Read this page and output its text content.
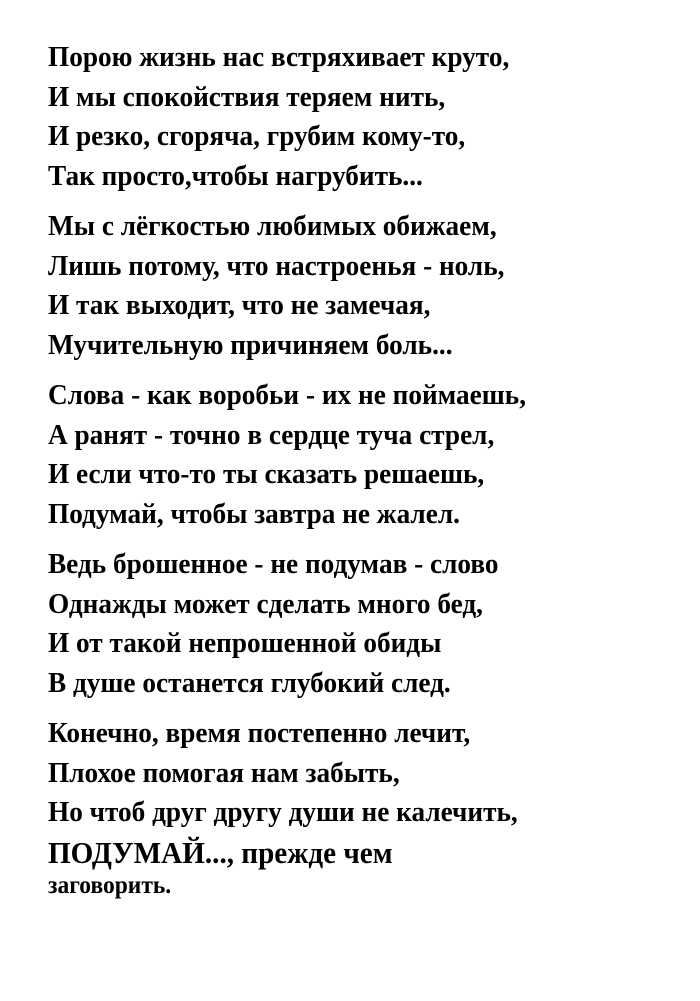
Порою жизнь нас встряхивает круто,
И мы спокойствия теряем нить,
И резко, сгоряча, грубим кому-то,
Так просто,чтобы нагрубить...
Мы с лёгкостью любимых обижаем,
Лишь потому, что настроенья - ноль,
И так выходит, что не замечая,
Мучительную причиняем боль...
Слова - как воробьи - их не поймаешь,
А ранят - точно в сердце туча стрел,
И если что-то ты сказать решаешь,
Подумай, чтобы завтра не жалел.
Ведь брошенное - не подумав - слово
Однажды может сделать много бед,
И от такой непрошенной обиды
В душе останется глубокий след.
Конечно, время постепенно лечит,
Плохое помогая нам забыть,
Но чтоб друг другу души не калечить,
ПОДУМАЙ..., прежде чем
заговорить.
